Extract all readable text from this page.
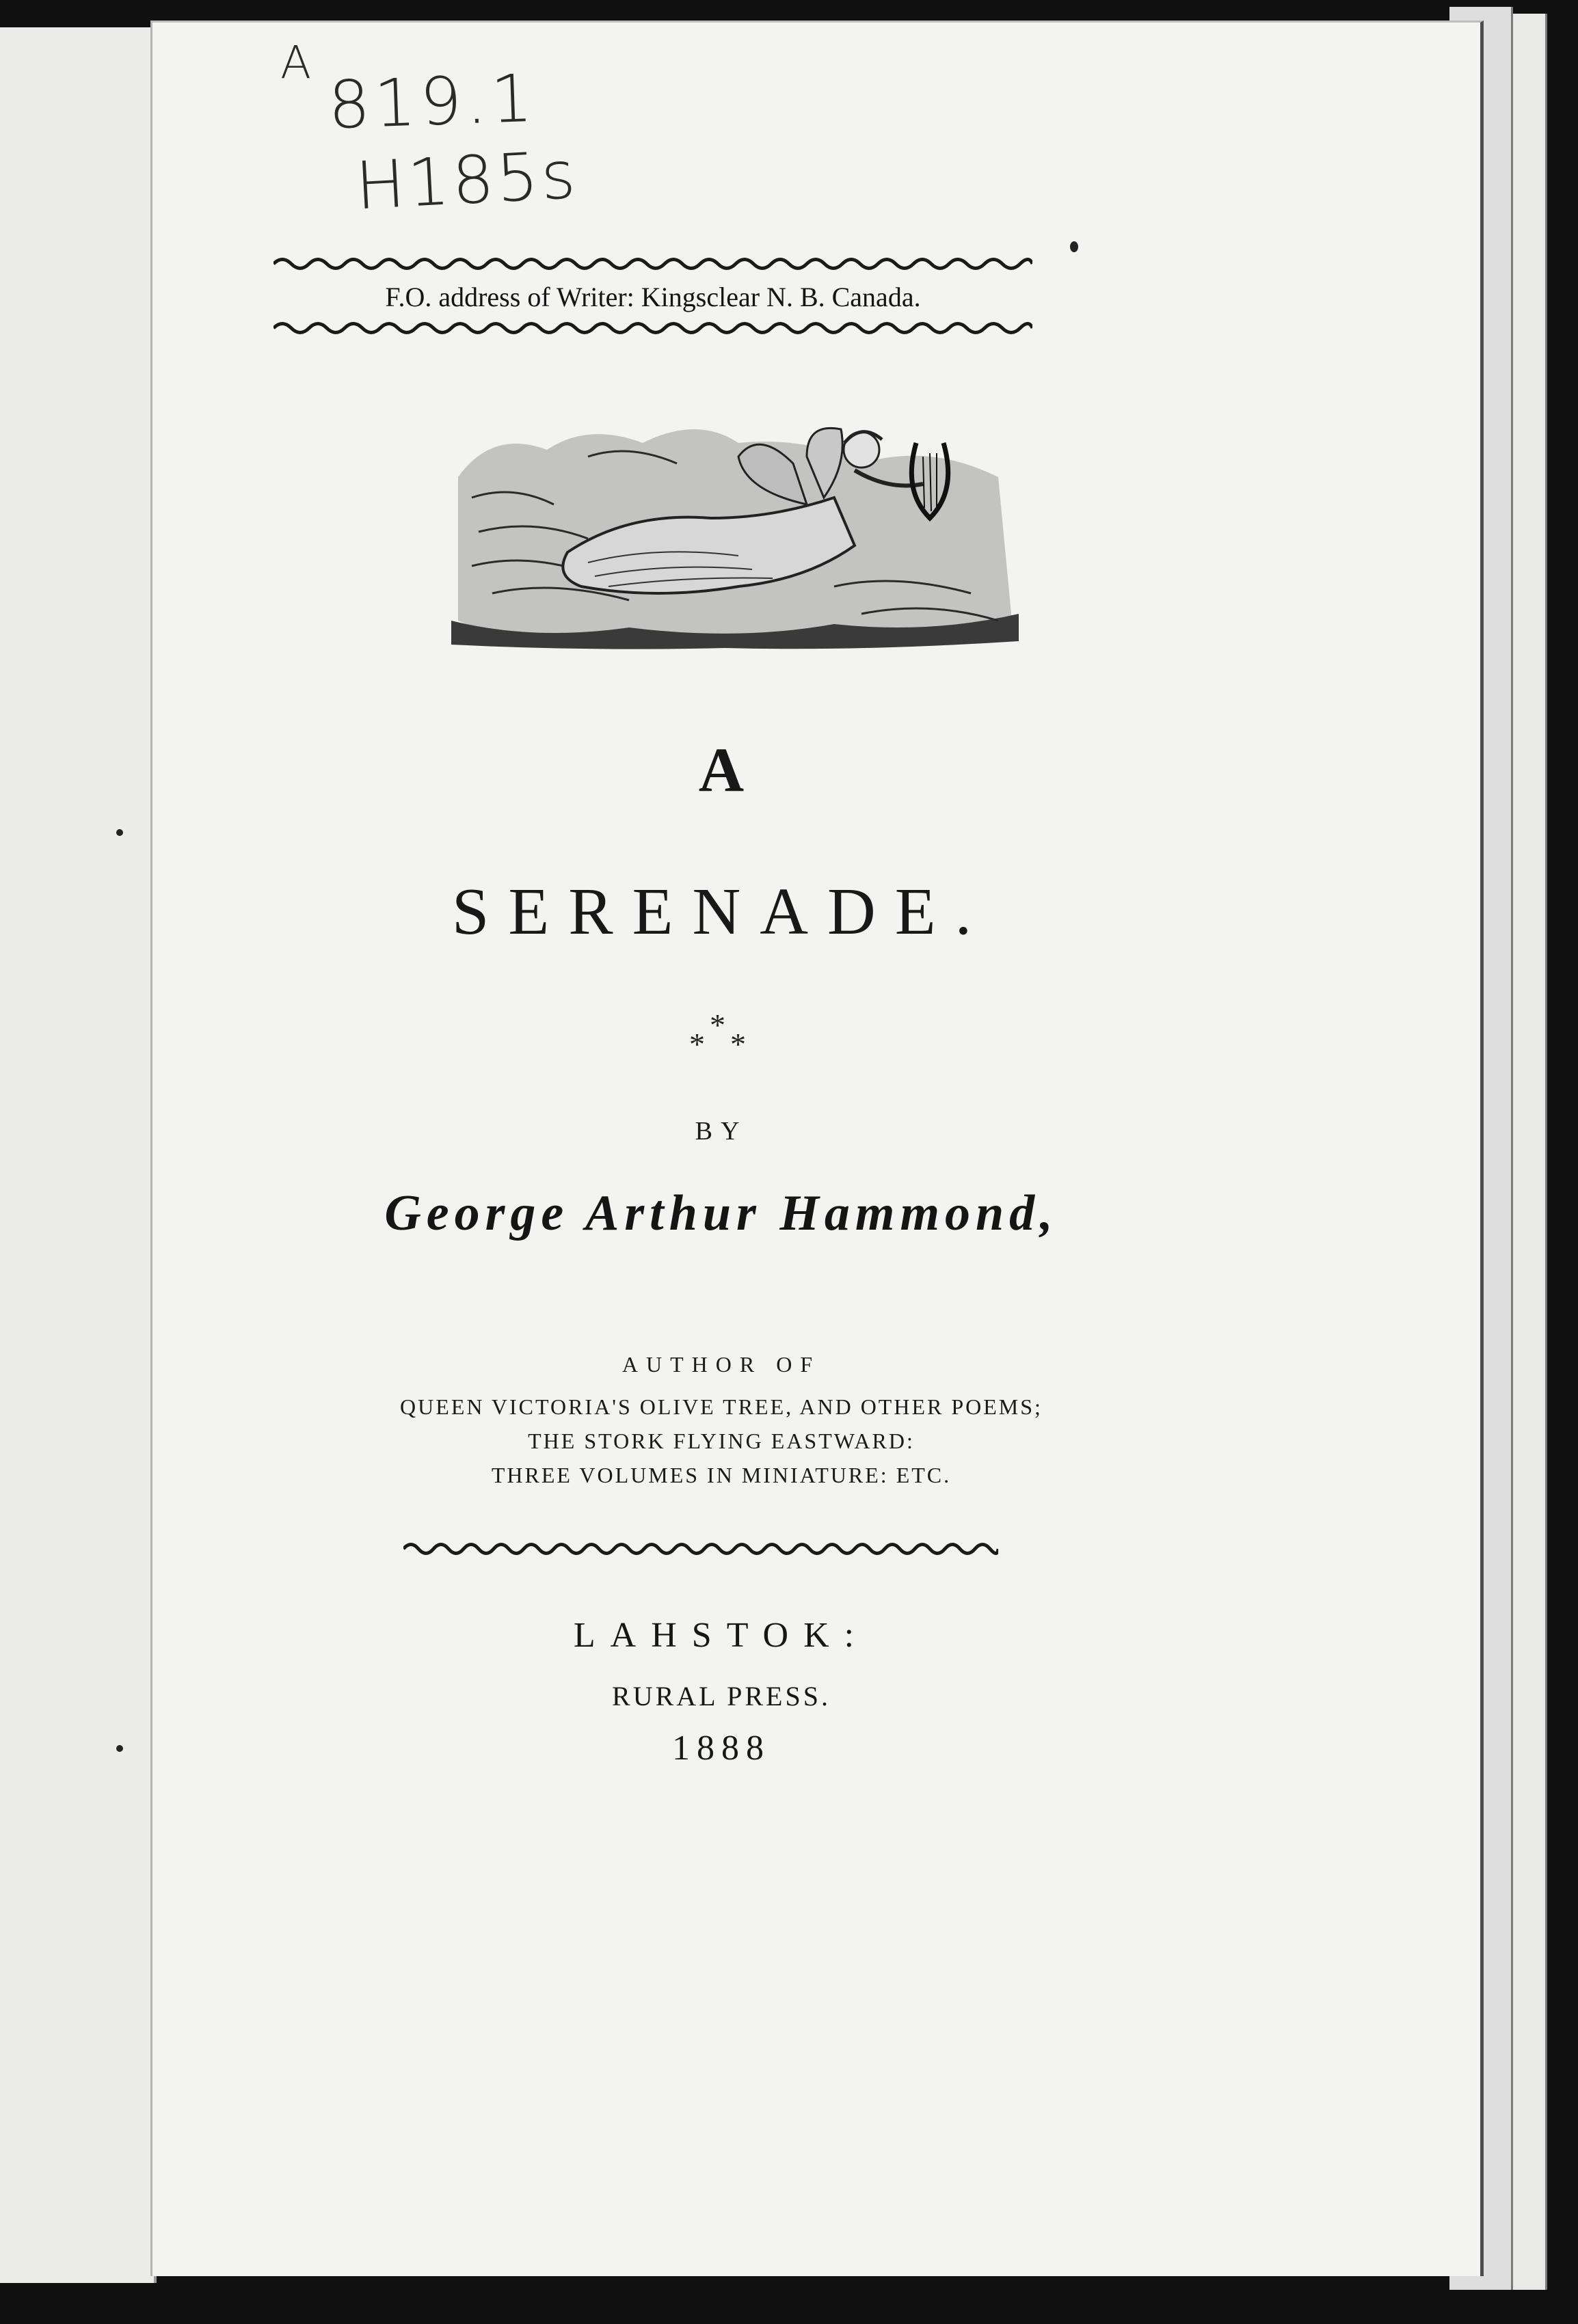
A 819.1
H185s
F.O. address of Writer: Kingsclear N. B. Canada.
A
SERENADE.
*
* *
BY
George Arthur Hammond,
AUTHOR OF
QUEEN VICTORIA'S OLIVE TREE, AND OTHER POEMS;
THE STORK FLYING EASTWARD:
THREE VOLUMES IN MINIATURE: ETC.
LAHSTOK:
RURAL PRESS.
1888
